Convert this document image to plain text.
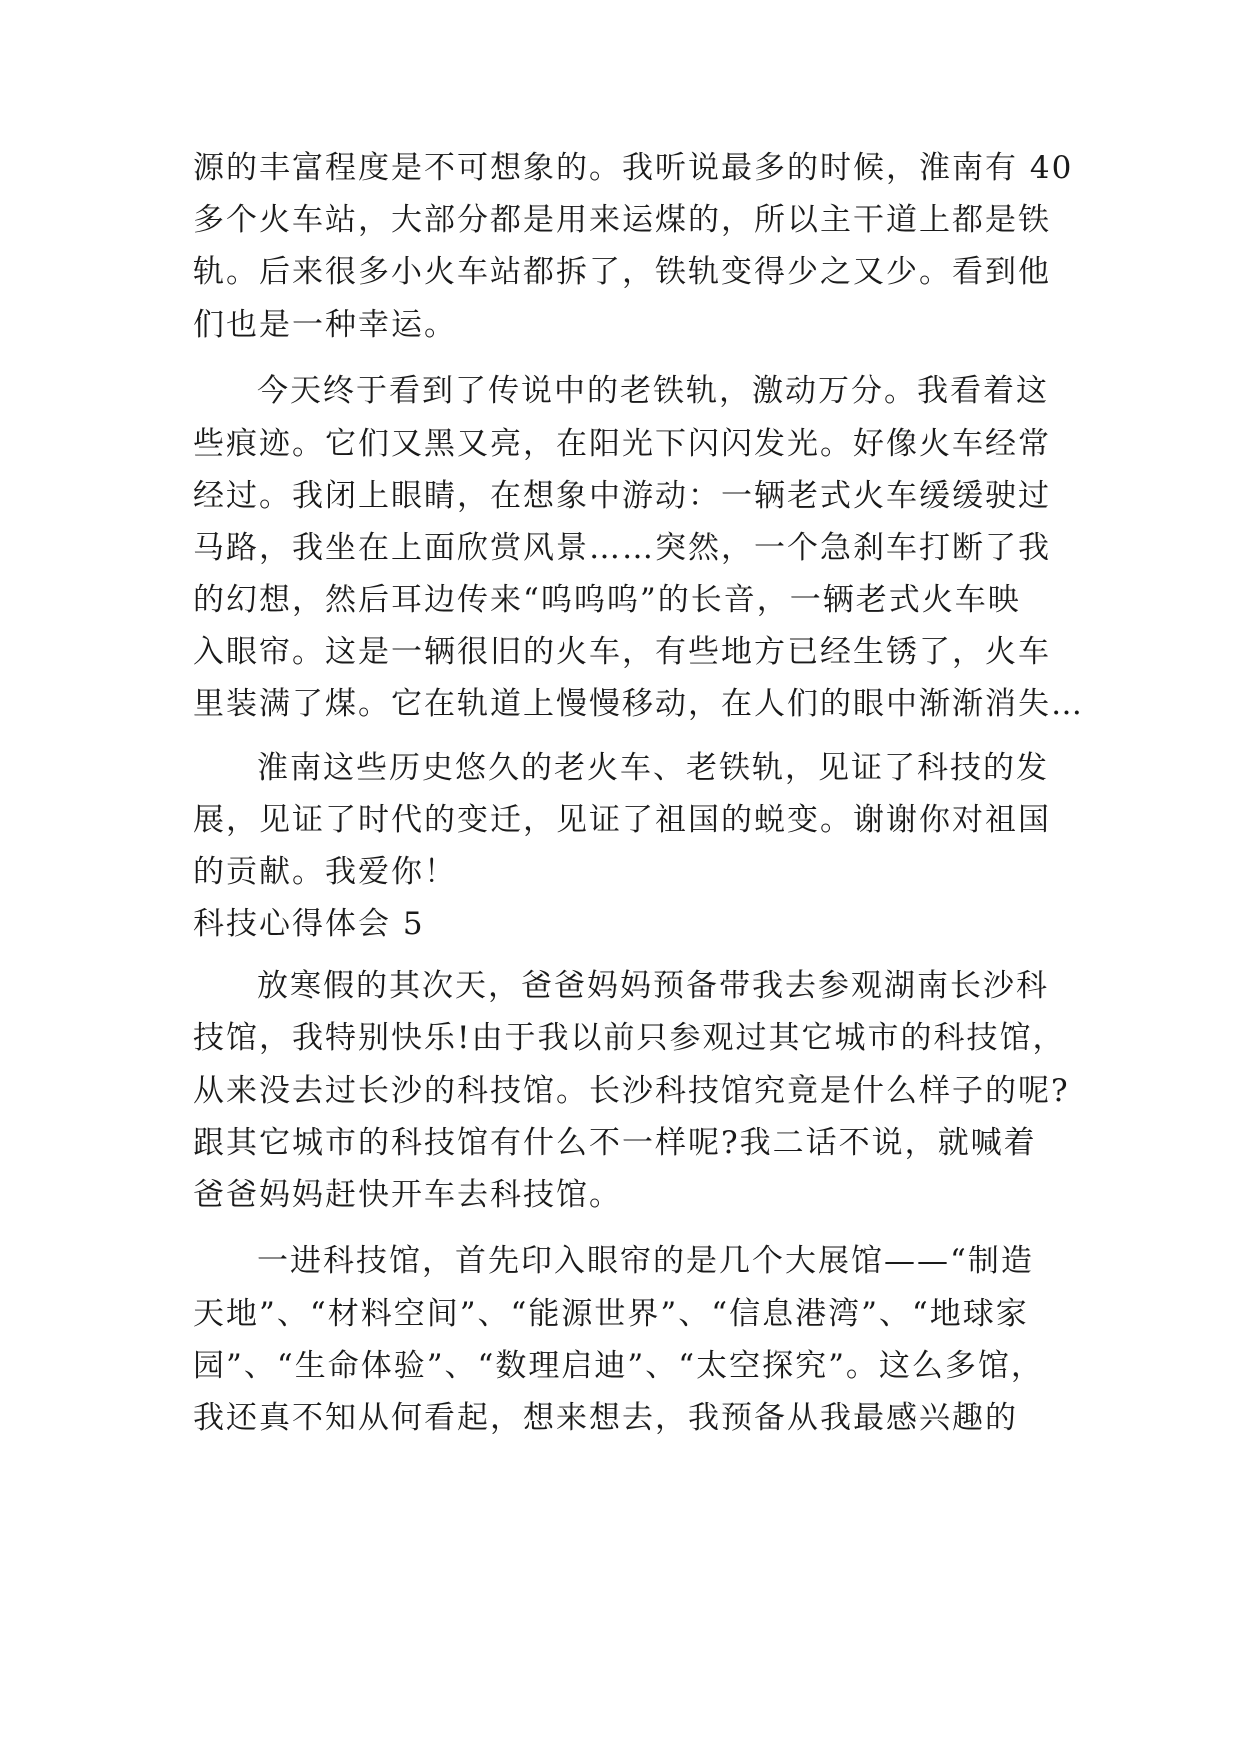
源的丰富程度是不可想象的。我听说最多的时候，淮南有 40
多个火车站，大部分都是用来运煤的，所以主干道上都是铁
轨。后来很多小火车站都拆了，铁轨变得少之又少。看到他
们也是一种幸运。
今天终于看到了传说中的老铁轨，激动万分。我看着这
些痕迹。它们又黑又亮，在阳光下闪闪发光。好像火车经常
经过。我闭上眼睛，在想象中游动：一辆老式火车缓缓驶过
马路，我坐在上面欣赏风景……突然，一个急刹车打断了我
的幻想，然后耳边传来“呜呜呜”的长音，一辆老式火车映
入眼帘。这是一辆很旧的火车，有些地方已经生锈了，火车
里装满了煤。它在轨道上慢慢移动，在人们的眼中渐渐消失…
淮南这些历史悠久的老火车、老铁轨，见证了科技的发
展，见证了时代的变迁，见证了祖国的蜕变。谢谢你对祖国
的贡献。我爱你！
科技心得体会 5
放寒假的其次天，爸爸妈妈预备带我去参观湖南长沙科
技馆，我特别快乐!由于我以前只参观过其它城市的科技馆，
从来没去过长沙的科技馆。长沙科技馆究竟是什么样子的呢?
跟其它城市的科技馆有什么不一样呢?我二话不说，就喊着
爸爸妈妈赶快开车去科技馆。
一进科技馆，首先印入眼帘的是几个大展馆——“制造
天地”、“材料空间”、“能源世界”、“信息港湾”、“地球家
园”、“生命体验”、“数理启迪”、“太空探究”。这么多馆，
我还真不知从何看起，想来想去，我预备从我最感兴趣的
